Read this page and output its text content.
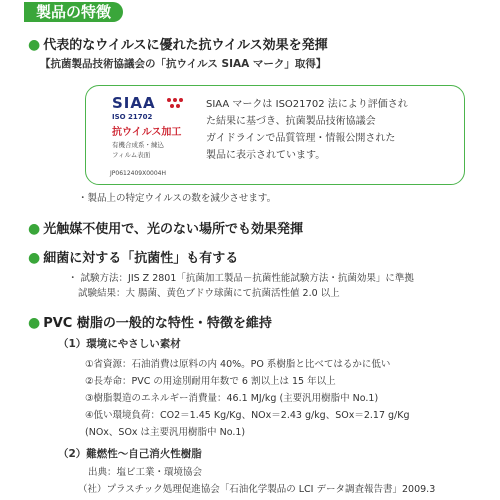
製品の特徴
● 代表的なウイルスに優れた抗ウイルス効果を発揮
【抗菌製品技術協議会の「抗ウイルス SIAA マーク」取得】
SIAA
ISO 21702
抗ウイルス加工
有機合成系・練込
フィルム表面
JP0612409X0004H
SIAA マークは ISO21702 法により評価され
た結果に基づき、抗菌製品技術協議会
ガイドラインで品質管理・情報公開された
製品に表示されています。
・製品上の特定ウイルスの数を減少させます。
● 光触媒不使用で、光のない場所でも効果発揮
● 細菌に対する「抗菌性」も有する
・ 試験方法：JIS Z 2801「抗菌加工製品－抗菌性能試験方法・抗菌効果」に準拠
試験結果：大 腸菌、黄色ブドウ球菌にて抗菌活性値 2.0 以上
● PVC 樹脂の一般的な特性・特徴を維持
（1）環境にやさしい素材
①省資源：石油消費は原料の内 40%。PO 系樹脂と比べてはるかに低い
②長寿命：PVC の用途別耐用年数で 6 割以上は 15 年以上
③樹脂製造のエネルギー消費量：46.1 MJ/kg (主要汎用樹脂中 No.1)
④低い環境負荷：CO2＝1.45 Kg/Kg、NOx＝2.43 g/kg、SOx＝2.17 g/Kg
(NOx、SOx は主要汎用樹脂中 No.1)
（2）難燃性～自己消火性樹脂
出典：塩ビ工業・環境協会
（社）プラスチック処理促進協会「石油化学製品の LCI データ調査報告書」2009.3
